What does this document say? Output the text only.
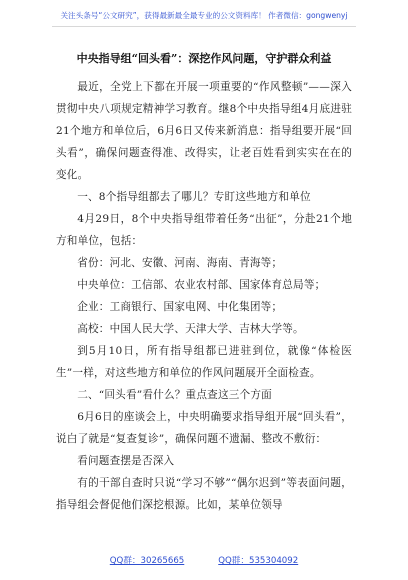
关注头条号“公文研究”，获得最新最全最专业的公文资料库！ 作者微信：gongwenyj
中央指导组“回头看”：深挖作风问题，守护群众利益

最近，全党上下都在开展一项重要的“作风整顿”——深入贯彻中央八项规定精神学习教育。继8个中央指导组4月底进驻21个地方和单位后，6月6日又传来新消息：指导组要开展“回头看”，确保问题查得准、改得实，让老百姓看到实实在在的变化。

一、8个指导组都去了哪儿？专盯这些地方和单位

4月29日，8个中央指导组带着任务“出征”，分赴21个地方和单位，包括：

省份：河北、安徽、河南、海南、青海等；

中央单位：工信部、农业农村部、国家体育总局等；

企业：工商银行、国家电网、中化集团等；

高校：中国人民大学、天津大学、吉林大学等。

到5月10日，所有指导组都已进驻到位，就像“体检医生”一样，对这些地方和单位的作风问题展开全面检查。

二、“回头看”看什么？重点查这三个方面

6月6日的座谈会上，中央明确要求指导组开展“回头看”，说白了就是“复查复诊”，确保问题不遗漏、整改不敷衍：

看问题查摆是否深入

有的干部自查时只说“学习不够”“偶尔迟到”等表面问题，指导组会督促他们深挖根源。比如，某单位领导

QQ群：30265665	QQ群：535304092
